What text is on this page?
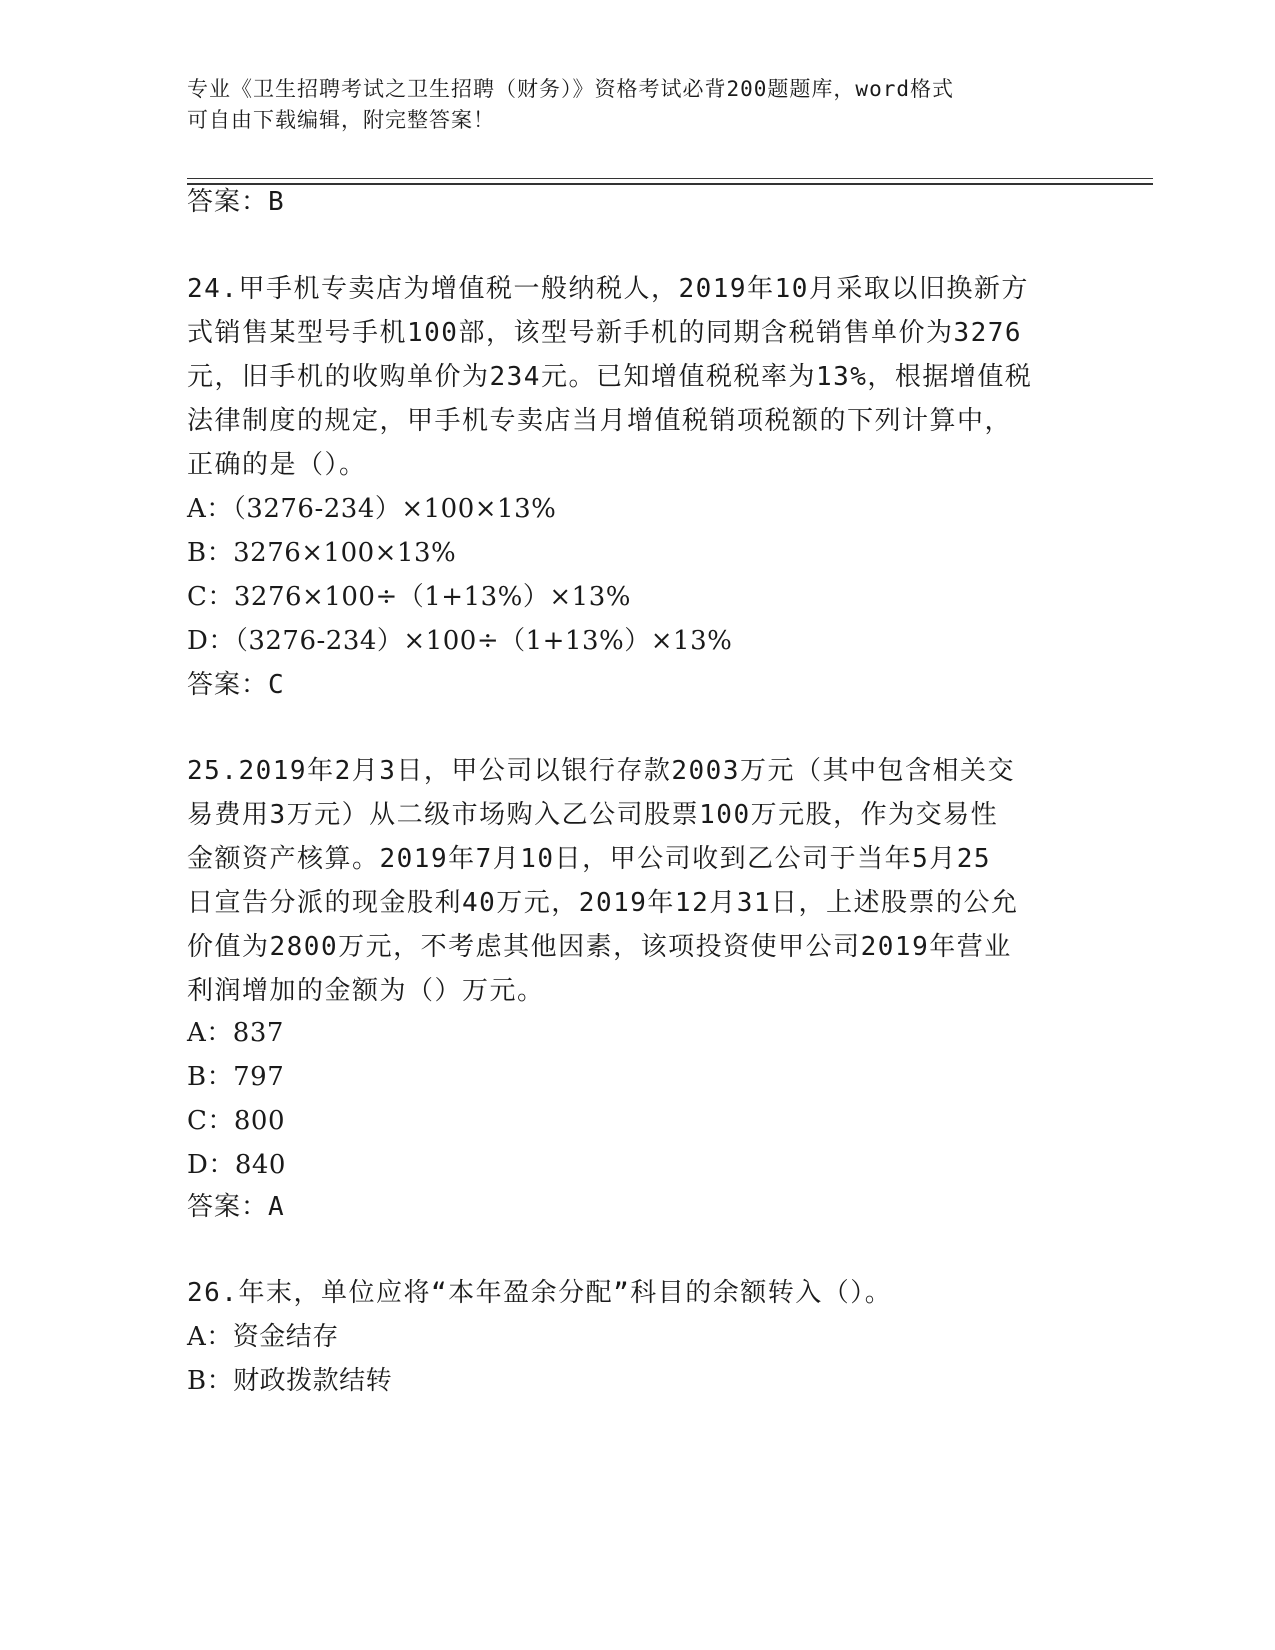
专业《卫生招聘考试之卫生招聘（财务）》资格考试必背200题题库，word格式
可自由下载编辑，附完整答案！
答案：B
24.甲手机专卖店为增值税一般纳税人，2019年10月采取以旧换新方
式销售某型号手机100部，该型号新手机的同期含税销售单价为3276
元，旧手机的收购单价为234元。已知增值税税率为13%，根据增值税
法律制度的规定，甲手机专卖店当月增值税销项税额的下列计算中，
正确的是（）。
A：（3276-234）×100×13%
B：3276×100×13%
C：3276×100÷（1+13%）×13%
D：（3276-234）×100÷（1+13%）×13%
答案：C
25.2019年2月3日，甲公司以银行存款2003万元（其中包含相关交
易费用3万元）从二级市场购入乙公司股票100万元股，作为交易性
金额资产核算。2019年7月10日，甲公司收到乙公司于当年5月25
日宣告分派的现金股利40万元，2019年12月31日，上述股票的公允
价值为2800万元，不考虑其他因素，该项投资使甲公司2019年营业
利润增加的金额为（）万元。
A：837
B：797
C：800
D：840
答案：A
26.年末，单位应将“本年盈余分配”科目的余额转入（）。
A：资金结存
B：财政拨款结转
